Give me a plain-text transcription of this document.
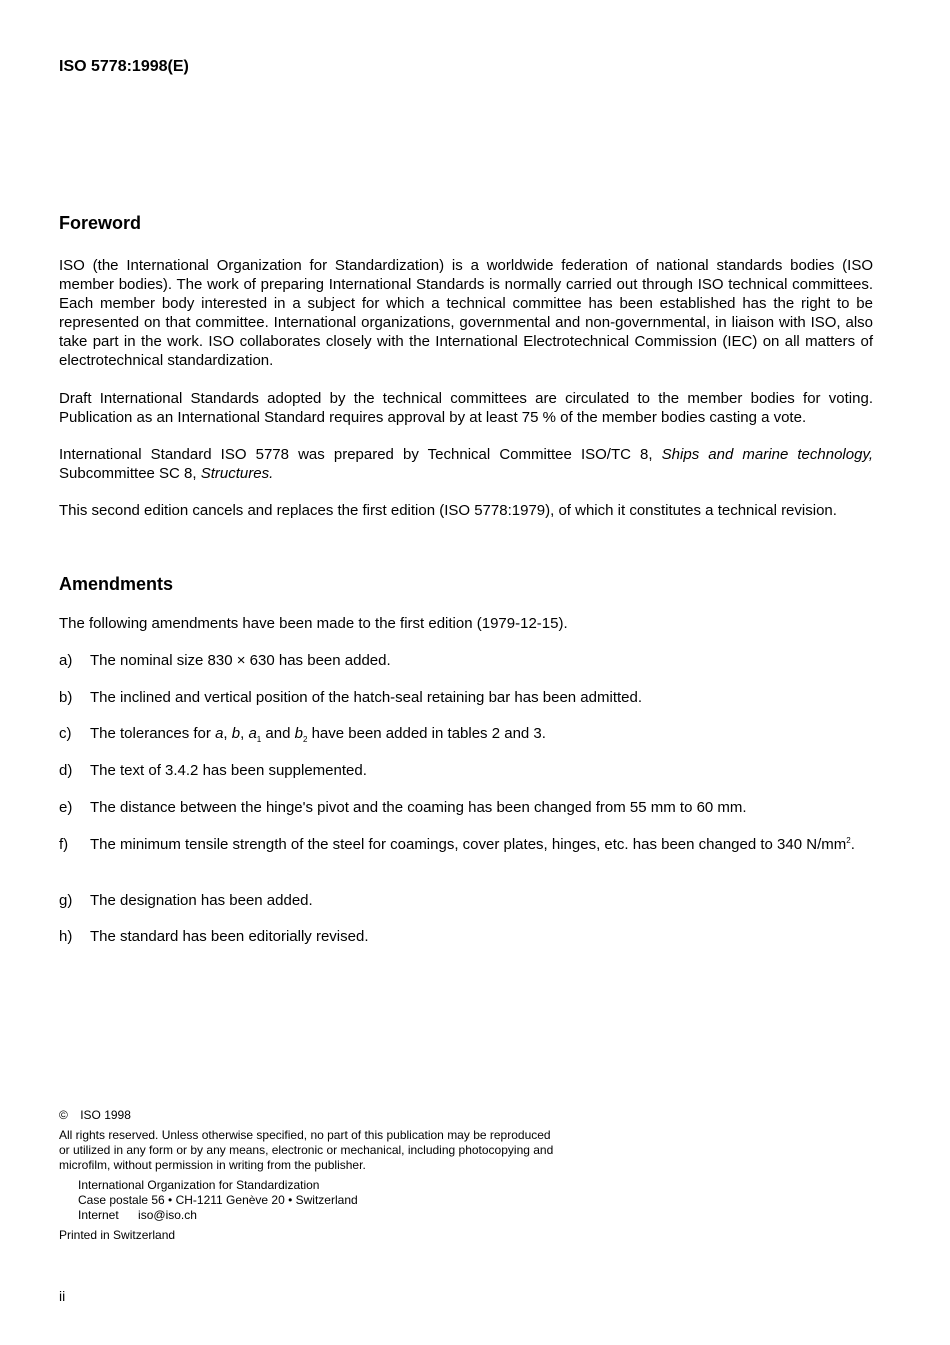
ISO 5778:1998(E)
Foreword

ISO (the International Organization for Standardization) is a worldwide federation of national standards bodies (ISO member bodies). The work of preparing International Standards is normally carried out through ISO technical committees. Each member body interested in a subject for which a technical committee has been established has the right to be represented on that committee. International organizations, governmental and non-governmental, in liaison with ISO, also take part in the work. ISO collaborates closely with the International Electrotechnical Commission (IEC) on all matters of electrotechnical standardization.

Draft International Standards adopted by the technical committees are circulated to the member bodies for voting. Publication as an International Standard requires approval by at least 75 % of the member bodies casting a vote.

International Standard ISO 5778 was prepared by Technical Committee ISO/TC 8, Ships and marine technology, Subcommittee SC 8, Structures.

This second edition cancels and replaces the first edition (ISO 5778:1979), of which it constitutes a technical revision.

Amendments

The following amendments have been made to the first edition (1979-12-15).

a) The nominal size 830 × 630 has been added.
b) The inclined and vertical position of the hatch-seal retaining bar has been admitted.
c) The tolerances for a, b, $a_1$ and $b_2$ have been added in tables 2 and 3.
d) The text of 3.4.2 has been supplemented.
e) The distance between the hinge's pivot and the coaming has been changed from 55 mm to 60 mm.
f) The minimum tensile strength of the steel for coamings, cover plates, hinges, etc. has been changed to 340 $N/mm^2$.
g) The designation has been added.
h) The standard has been editorially revised.
© ISO 1998
All rights reserved. Unless otherwise specified, no part of this publication may be reproduced
or utilized in any form or by any means, electronic or mechanical, including photocopying and
microfilm, without permission in writing from the publisher.
International Organization for Standardization
Case postale 56 • CH-1211 Genève 20 • Switzerland
Internet iso@iso.ch
Printed in Switzerland
ii
